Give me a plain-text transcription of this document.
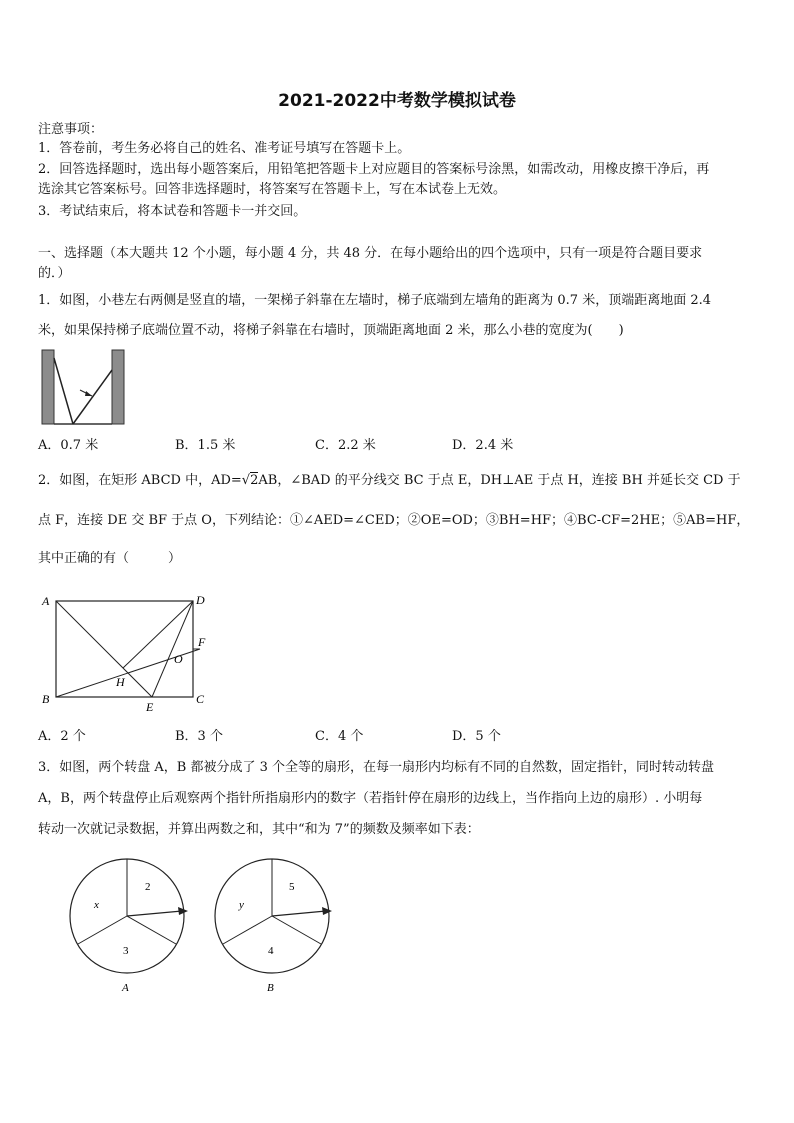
2021-2022中考数学模拟试卷
注意事项：
1．答卷前，考生务必将自己的姓名、准考证号填写在答题卡上。
2．回答选择题时，选出每小题答案后，用铅笔把答题卡上对应题目的答案标号涂黑，如需改动，用橡皮擦干净后，再
选涂其它答案标号。回答非选择题时，将答案写在答题卡上，写在本试卷上无效。
3．考试结束后，将本试卷和答题卡一并交回。
一、选择题（本大题共 12 个小题，每小题 4 分，共 48 分．在每小题给出的四个选项中，只有一项是符合题目要求
的．）
1．如图，小巷左右两侧是竖直的墙，一架梯子斜靠在左墙时，梯子底端到左墙角的距离为 0.7 米，顶端距离地面 2.4
米，如果保持梯子底端位置不动，将梯子斜靠在右墙时，顶端距离地面 2 米，那么小巷的宽度为(　　)
A．0.7 米	B．1.5 米	C．2.2 米	D．2.4 米
2．如图，在矩形 ABCD 中，AD=√2AB，∠BAD 的平分线交 BC 于点 E，DH⊥AE 于点 H，连接 BH 并延长交 CD 于
点 F，连接 DE 交 BF 于点 O，下列结论：①∠AED=∠CED；②OE=OD；③BH=HF；④BC-CF=2HE；⑤AB=HF，
其中正确的有（　　　）
A	D
F
O
H
B	C
E
A．2 个	B．3 个	C．4 个	D．5 个
3．如图，两个转盘 A，B 都被分成了 3 个全等的扇形，在每一扇形内均标有不同的自然数，固定指针，同时转动转盘
A，B，两个转盘停止后观察两个指针所指扇形内的数字（若指针停在扇形的边线上，当作指向上边的扇形）. 小明每
转动一次就记录数据，并算出两数之和，其中“和为 7”的频数及频率如下表：
2
x
3
A
5
y
4
B
